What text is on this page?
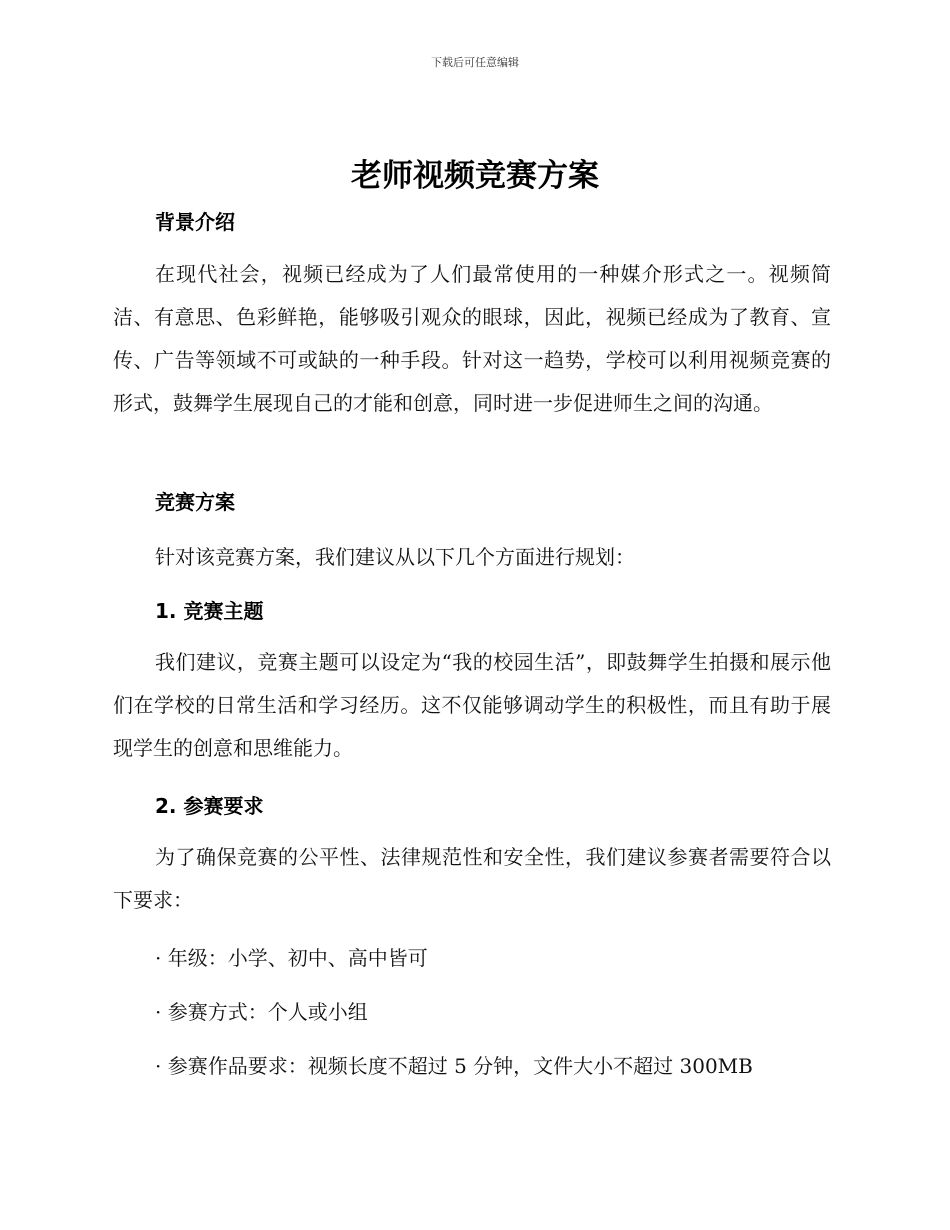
下载后可任意编辑
老师视频竞赛方案
背景介绍
在现代社会，视频已经成为了人们最常使用的一种媒介形式之一。视频简洁、有意思、色彩鲜艳，能够吸引观众的眼球，因此，视频已经成为了教育、宣传、广告等领域不可或缺的一种手段。针对这一趋势，学校可以利用视频竞赛的形式，鼓舞学生展现自己的才能和创意，同时进一步促进师生之间的沟通。
竞赛方案
针对该竞赛方案，我们建议从以下几个方面进行规划：
1. 竞赛主题
我们建议，竞赛主题可以设定为“我的校园生活”，即鼓舞学生拍摄和展示他们在学校的日常生活和学习经历。这不仅能够调动学生的积极性，而且有助于展现学生的创意和思维能力。
2. 参赛要求
为了确保竞赛的公平性、法律规范性和安全性，我们建议参赛者需要符合以下要求：
· 年级：小学、初中、高中皆可
· 参赛方式：个人或小组
· 参赛作品要求：视频长度不超过 5 分钟，文件大小不超过 300MB
